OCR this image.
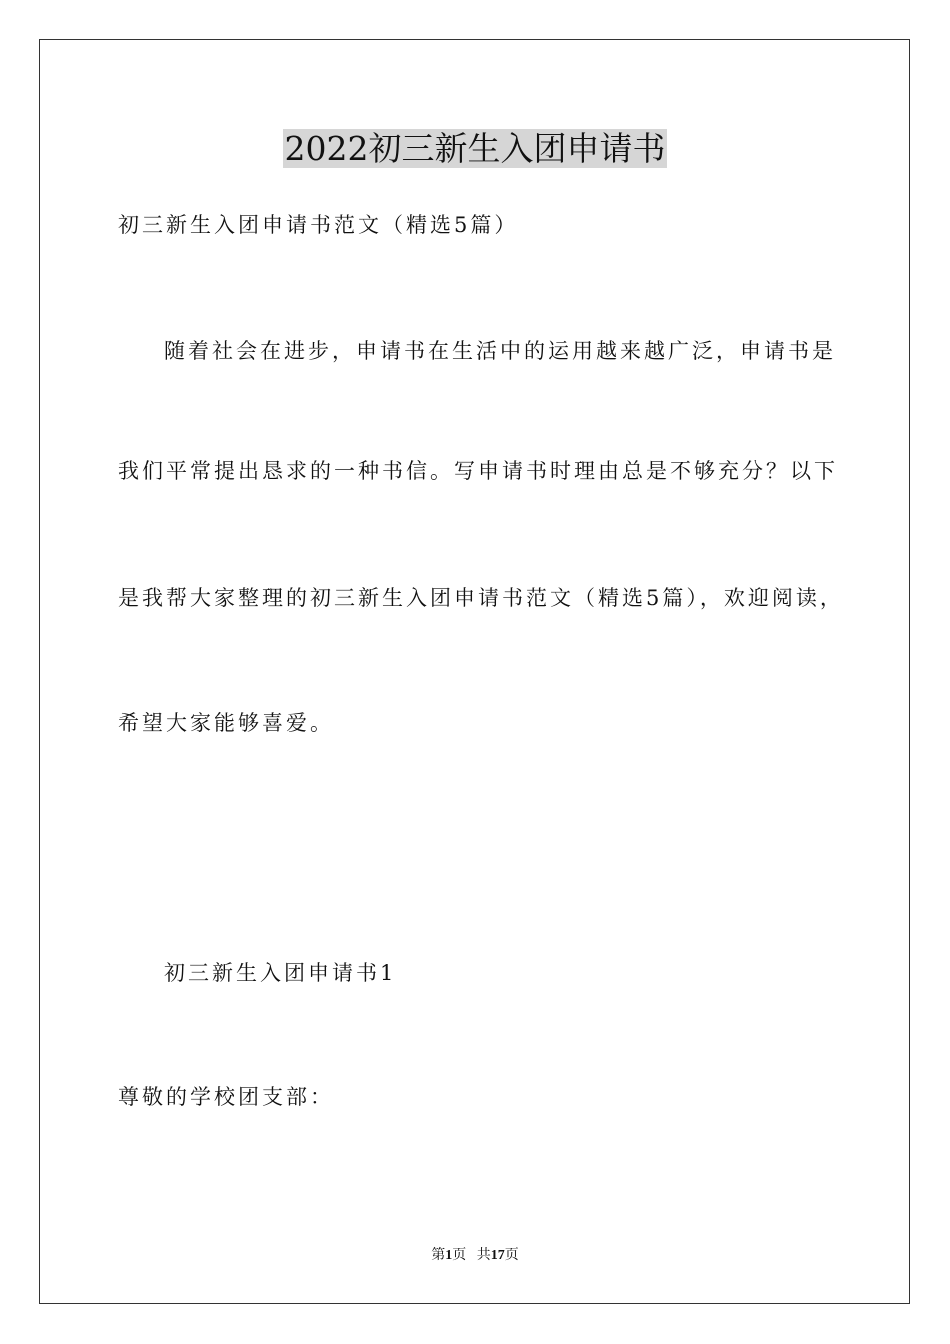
2022初三新生入团申请书
初三新生入团申请书范文（精选5篇）
随着社会在进步，申请书在生活中的运用越来越广泛，申请书是
我们平常提出恳求的一种书信。写申请书时理由总是不够充分？以下
是我帮大家整理的初三新生入团申请书范文（精选5篇），欢迎阅读，
希望大家能够喜爱。
初三新生入团申请书1
尊敬的学校团支部：
第1页 共17页
